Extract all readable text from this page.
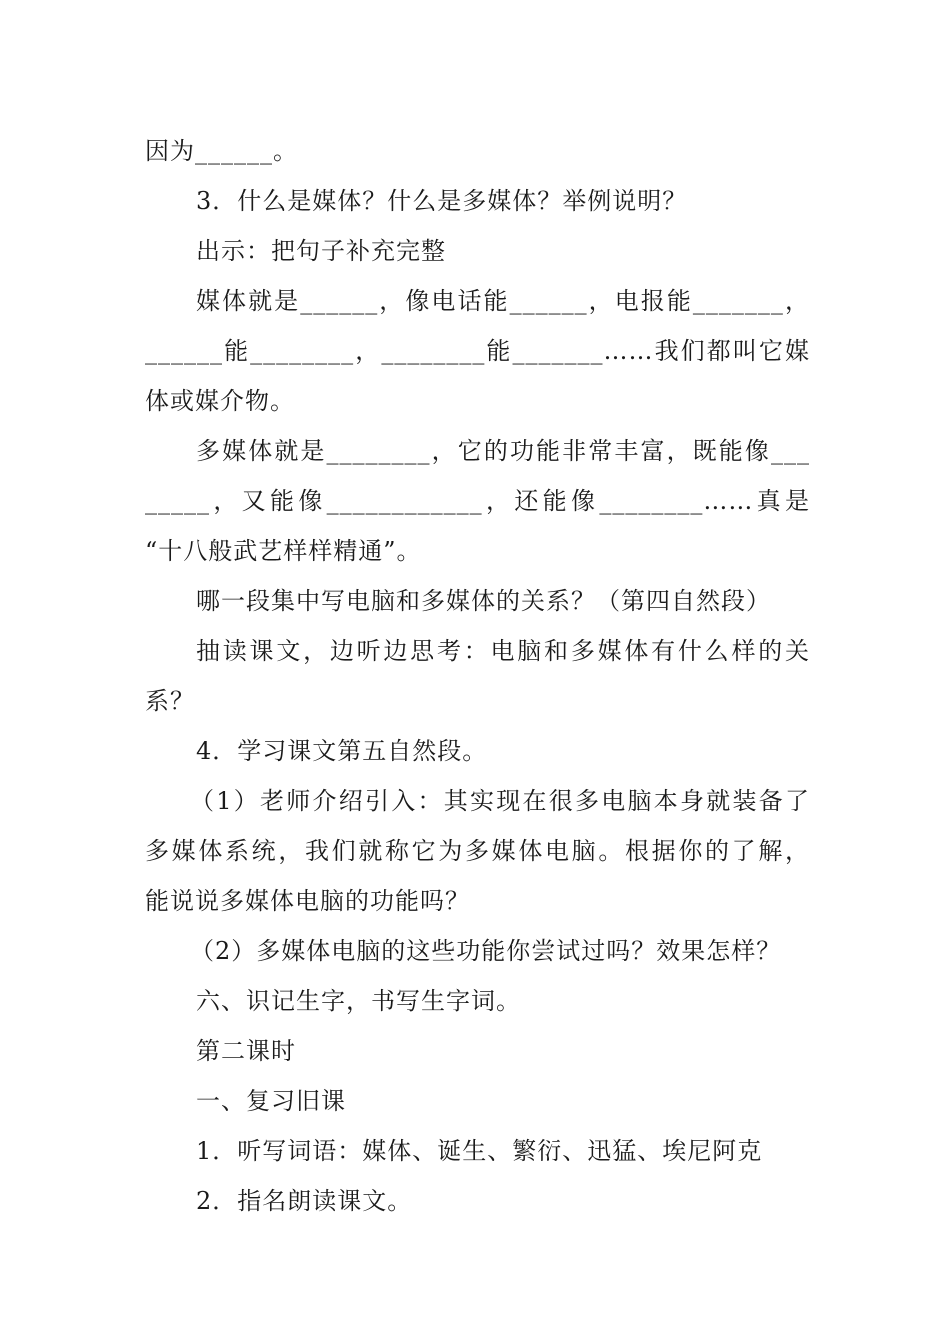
因为______。
3．什么是媒体？什么是多媒体？举例说明？
出示：把句子补充完整
媒体就是______，像电话能______，电报能_______，
______能________，________能_______……我们都叫它媒
体或媒介物。
多媒体就是________，它的功能非常丰富，既能像___
_____，又能像____________，还能像________……真是
“十八般武艺样样精通”。
哪一段集中写电脑和多媒体的关系？（第四自然段）
抽读课文，边听边思考：电脑和多媒体有什么样的关
系？
4．学习课文第五自然段。
（1）老师介绍引入：其实现在很多电脑本身就装备了
多媒体系统，我们就称它为多媒体电脑。根据你的了解，
能说说多媒体电脑的功能吗？
（2）多媒体电脑的这些功能你尝试过吗？效果怎样？
六、识记生字，书写生字词。
第二课时
一、复习旧课
1．听写词语：媒体、诞生、繁衍、迅猛、埃尼阿克
2．指名朗读课文。
